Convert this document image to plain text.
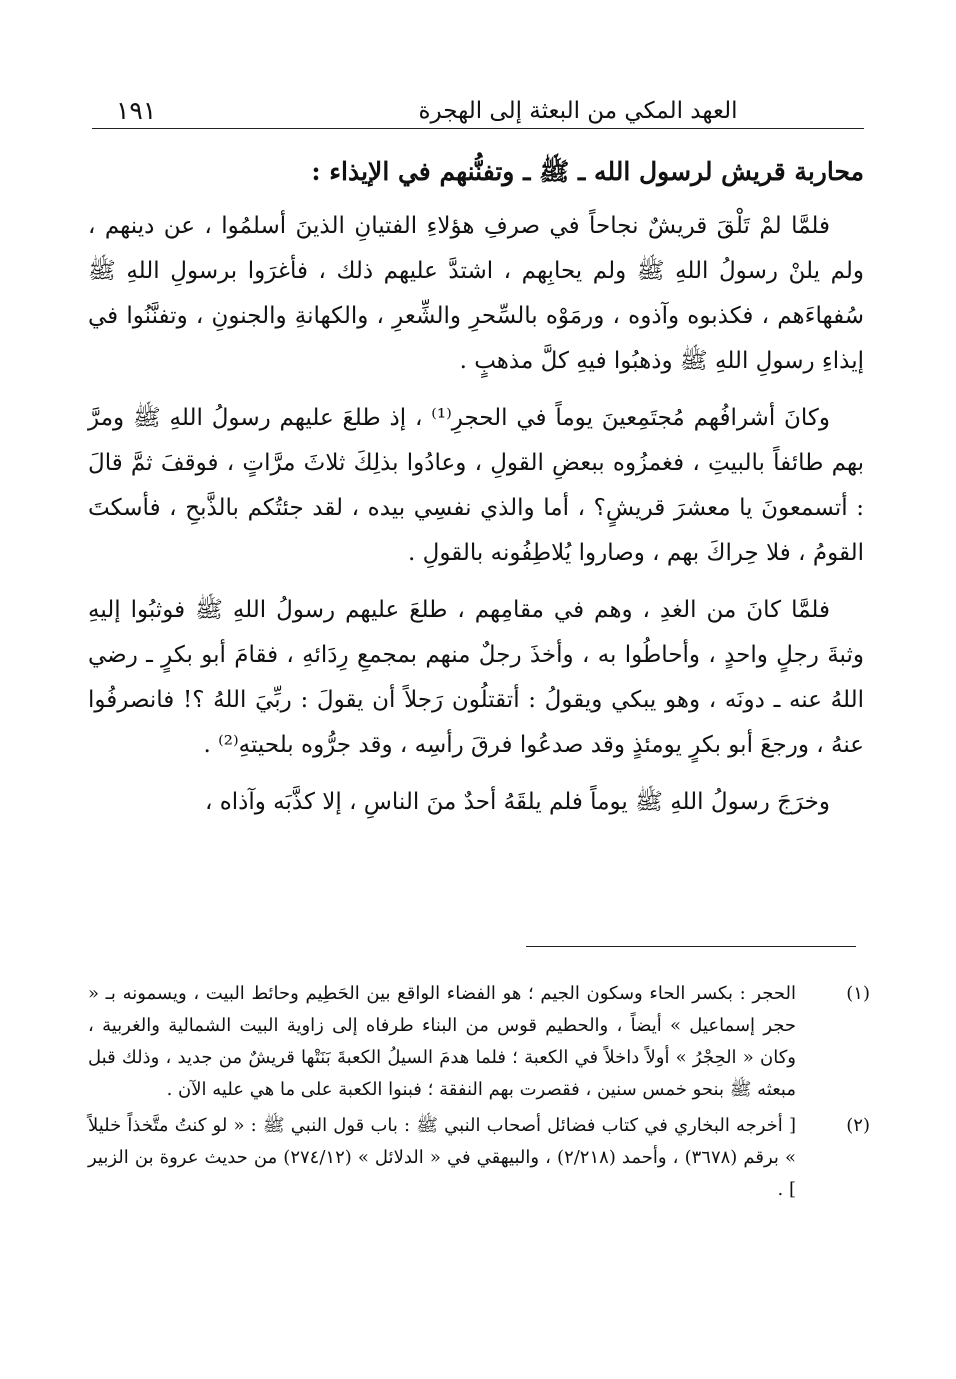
العهد المكي من البعثة إلى الهجرة
١٩١
محاربة قريش لرسول الله ـ ﷺ ـ وتفنُّنهم في الإيذاء :

فلمَّا لمْ تَلْقَ قريشٌ نجاحاً في صرفِ هؤلاءِ الفتيانِ الذينَ أسلمُوا ، عن دينهم ، ولم يلنْ رسولُ اللهِ ﷺ ولم يحابِهم ، اشتدَّ عليهم ذلك ، فأغرَوا برسولِ اللهِ ﷺ سُفهاءَهم ، فكذبوه وآذوه ، ورمَوْه بالسِّحرِ والشِّعرِ ، والكهانةِ والجنونِ ، وتفنَّنُوا في إيذاءِ رسولِ اللهِ ﷺ وذهبُوا فيهِ كلَّ مذهبٍ .

وكانَ أشرافُهم مُجتَمِعينَ يوماً في الحجرِ⁽¹⁾ ، إذ طلعَ عليهم رسولُ اللهِ ﷺ ومرَّ بهم طائفاً بالبيتِ ، فغمزُوه ببعضِ القولِ ، وعادُوا بذلِكَ ثلاثَ مرَّاتٍ ، فوقفَ ثمَّ قالَ : أتسمعونَ يا معشرَ قريشٍ؟ ، أما والذي نفسِي بيده ، لقد جئتُكم بالذَّبحِ ، فأسكتَ القومُ ، فلا حِراكَ بهم ، وصاروا يُلاطِفُونه بالقولِ .

فلمَّا كانَ من الغدِ ، وهم في مقامِهم ، طلعَ عليهم رسولُ اللهِ ﷺ فوثبُوا إليهِ وثبةَ رجلٍ واحدٍ ، وأحاطُوا به ، وأخذَ رجلٌ منهم بمجمعِ رِدَائهِ ، فقامَ أبو بكرٍ ـ رضي اللهُ عنه ـ دونَه ، وهو يبكي ويقولُ : أتقتلُون رَجلاً أن يقولَ : ربِّيَ اللهُ ؟! فانصرفُوا عنهُ ، ورجعَ أبو بكرٍ يومئذٍ وقد صدعُوا فرقَ رأسِه ، وقد جرُّوه بلحيتهِ⁽²⁾ .

وخرَجَ رسولُ اللهِ ﷺ يوماً فلم يلقَهُ أحدٌ منَ الناسِ ، إلا كذَّبَه وآذاه ،

(١)
الحجر : بكسر الحاء وسكون الجيم ؛ هو الفضاء الواقع بين الحَطِيم وحائط البيت ، ويسمونه بـ « حجر إسماعيل » أيضاً ، والحطيم قوس من البناء طرفاه إلى زاوية البيت الشمالية والغربية ، وكان « الحِجْرُ » أولاً داخلاً في الكعبة ؛ فلما هدمَ السيلُ الكعبةَ بَنَتْها قريشٌ من جديد ، وذلك قبل مبعثه ﷺ بنحو خمس سنين ، فقصرت بهم النفقة ؛ فبنوا الكعبة على ما هي عليه الآن .
(٢)
[ أخرجه البخاري في كتاب فضائل أصحاب النبي ﷺ : باب قول النبي ﷺ : « لو كنتُ متَّخذاً خليلاً » برقم (٣٦٧٨) ، وأحمد (٢/٢١٨) ، والبيهقي في « الدلائل » (٢٧٤/١٢) من حديث عروة بن الزبير ] .
